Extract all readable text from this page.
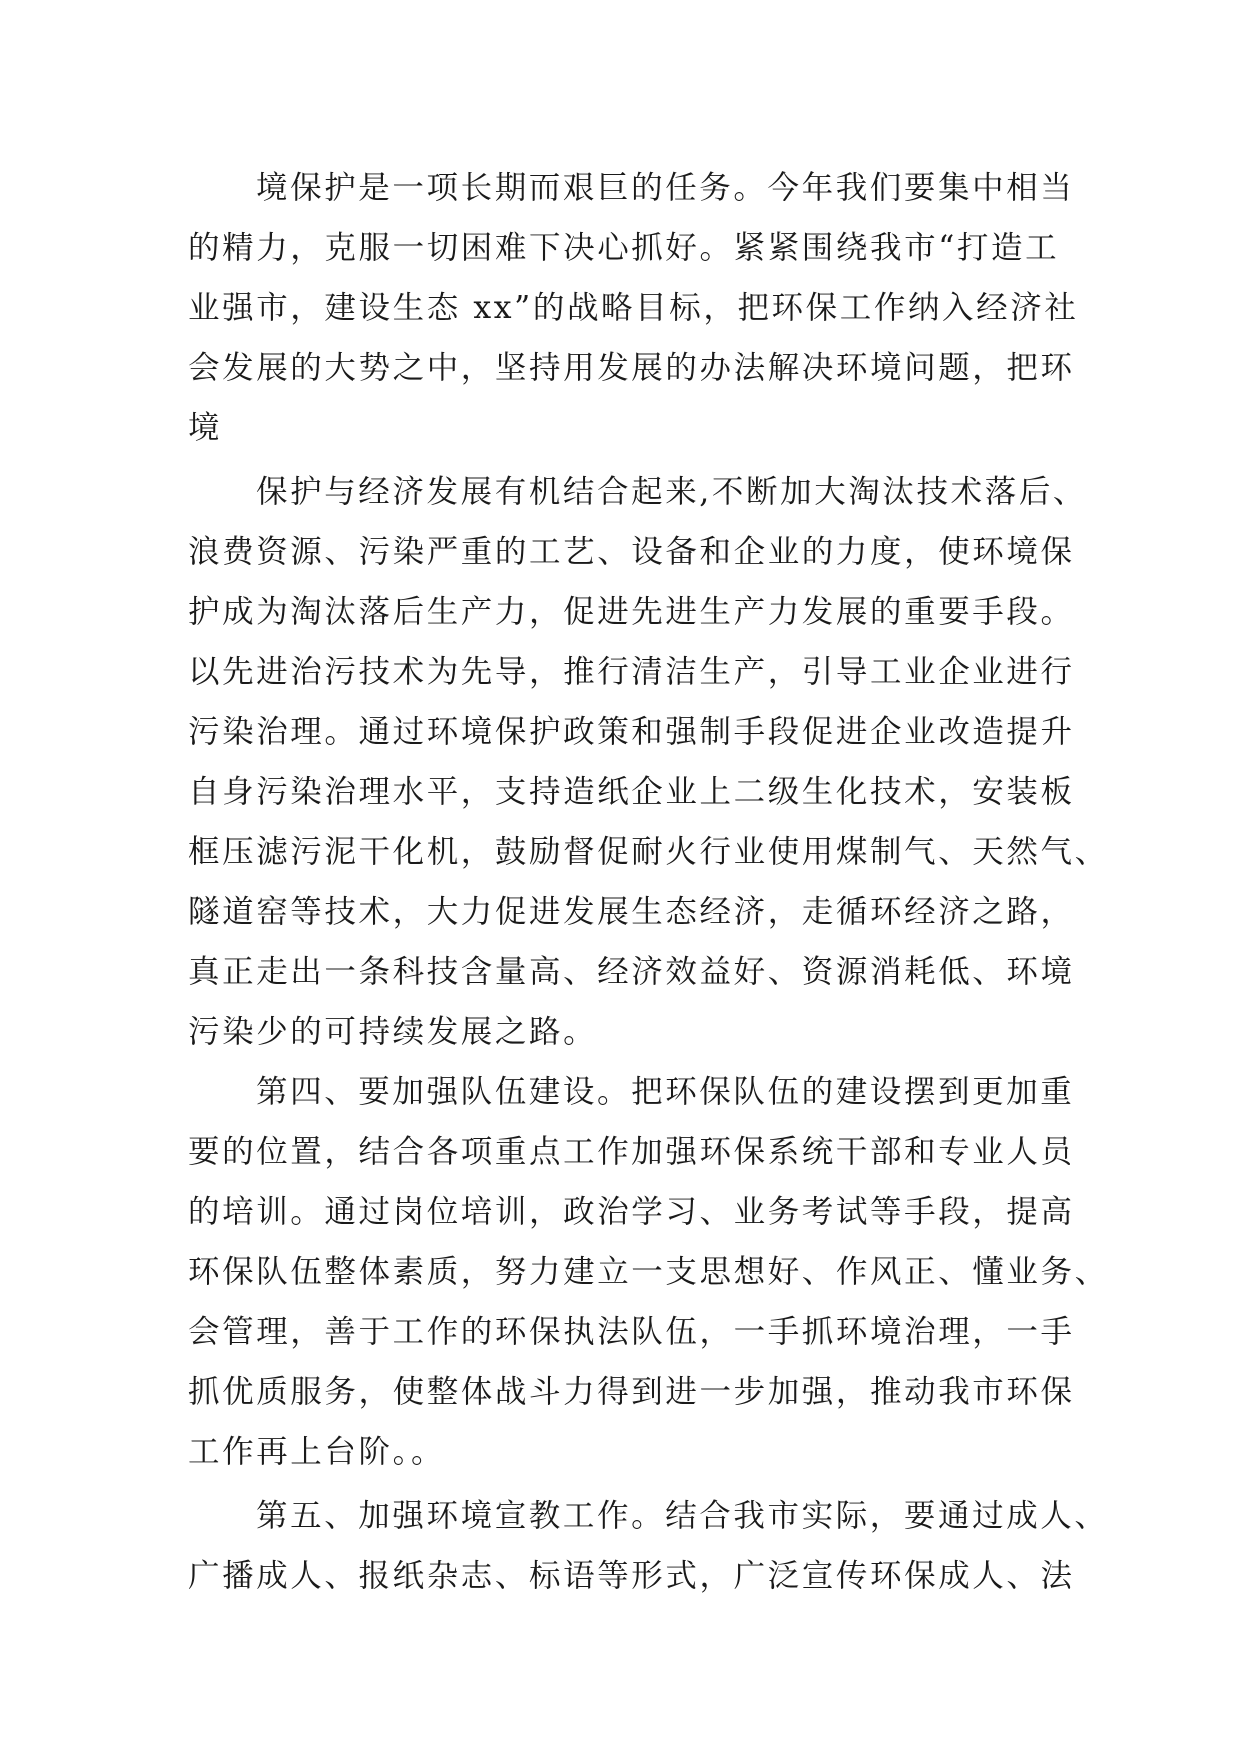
境保护是一项长期而艰巨的任务。今年我们要集中相当
的精力，克服一切困难下决心抓好。紧紧围绕我市“打造工
业强市，建设生态 xx”的战略目标，把环保工作纳入经济社
会发展的大势之中，坚持用发展的办法解决环境问题，把环
境
保护与经济发展有机结合起来,不断加大淘汰技术落后、
浪费资源、污染严重的工艺、设备和企业的力度，使环境保
护成为淘汰落后生产力，促进先进生产力发展的重要手段。
以先进治污技术为先导，推行清洁生产，引导工业企业进行
污染治理。通过环境保护政策和强制手段促进企业改造提升
自身污染治理水平，支持造纸企业上二级生化技术，安装板
框压滤污泥干化机，鼓励督促耐火行业使用煤制气、天然气、
隧道窑等技术，大力促进发展生态经济，走循环经济之路，
真正走出一条科技含量高、经济效益好、资源消耗低、环境
污染少的可持续发展之路。
第四、要加强队伍建设。把环保队伍的建设摆到更加重
要的位置，结合各项重点工作加强环保系统干部和专业人员
的培训。通过岗位培训，政治学习、业务考试等手段，提高
环保队伍整体素质，努力建立一支思想好、作风正、懂业务、
会管理，善于工作的环保执法队伍，一手抓环境治理，一手
抓优质服务，使整体战斗力得到进一步加强，推动我市环保
工作再上台阶。。
第五、加强环境宣教工作。结合我市实际，要通过成人、
广播成人、报纸杂志、标语等形式，广泛宣传环保成人、法
